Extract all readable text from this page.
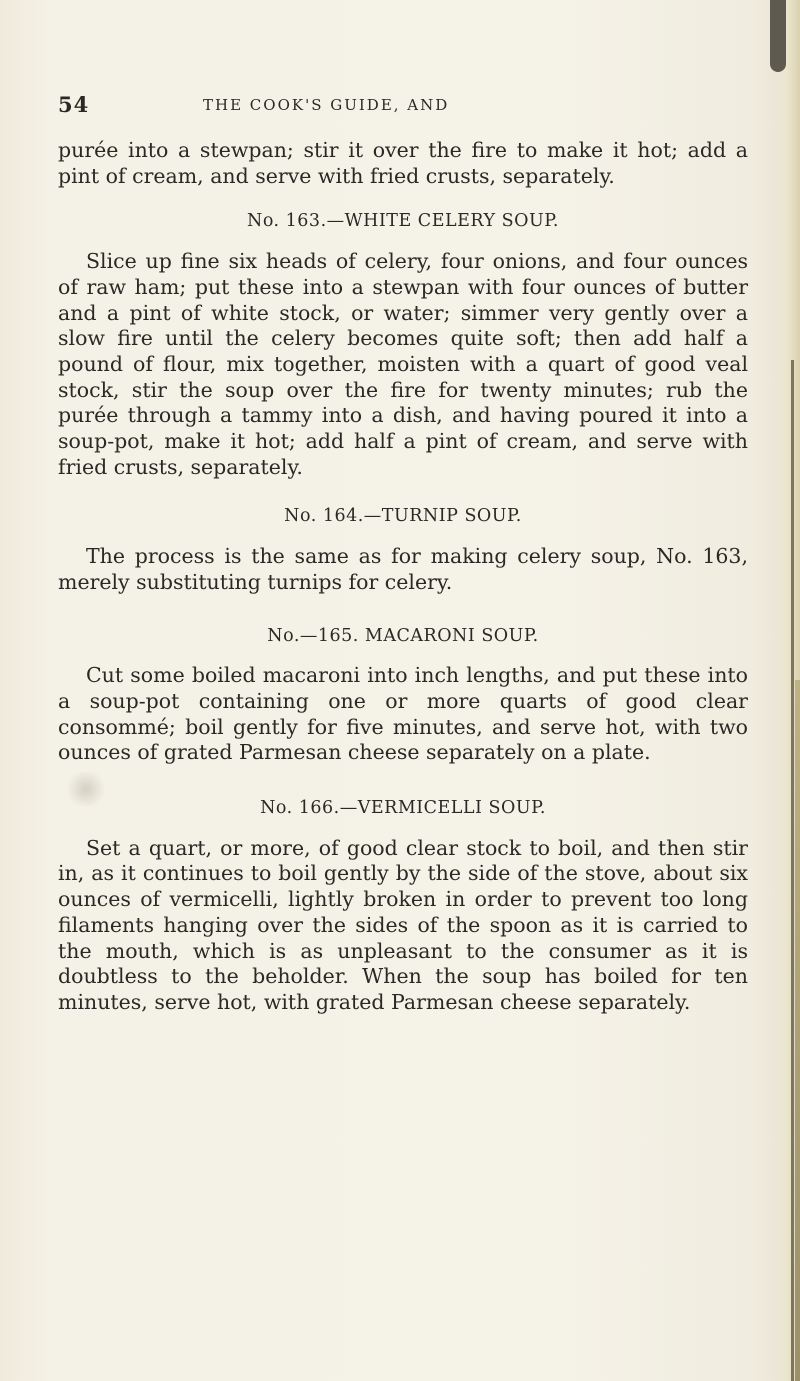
54	THE COOK'S GUIDE, AND

purée into a stewpan; stir it over the fire to make it hot; add a pint of cream, and serve with fried crusts, separately.

No. 163.—WHITE CELERY SOUP.

Slice up fine six heads of celery, four onions, and four ounces of raw ham; put these into a stewpan with four ounces of butter and a pint of white stock, or water; simmer very gently over a slow fire until the celery becomes quite soft; then add half a pound of flour, mix together, moisten with a quart of good veal stock, stir the soup over the fire for twenty minutes; rub the purée through a tammy into a dish, and having poured it into a soup-pot, make it hot; add half a pint of cream, and serve with fried crusts, separately.

No. 164.—TURNIP SOUP.

The process is the same as for making celery soup, No. 163, merely substituting turnips for celery.

No.—165. MACARONI SOUP.

Cut some boiled macaroni into inch lengths, and put these into a soup-pot containing one or more quarts of good clear consommé; boil gently for five minutes, and serve hot, with two ounces of grated Parmesan cheese separately on a plate.

No. 166.—VERMICELLI SOUP.

Set a quart, or more, of good clear stock to boil, and then stir in, as it continues to boil gently by the side of the stove, about six ounces of vermicelli, lightly broken in order to prevent too long filaments hanging over the sides of the spoon as it is carried to the mouth, which is as unpleasant to the consumer as it is doubtless to the beholder. When the soup has boiled for ten minutes, serve hot, with grated Parmesan cheese separately.
